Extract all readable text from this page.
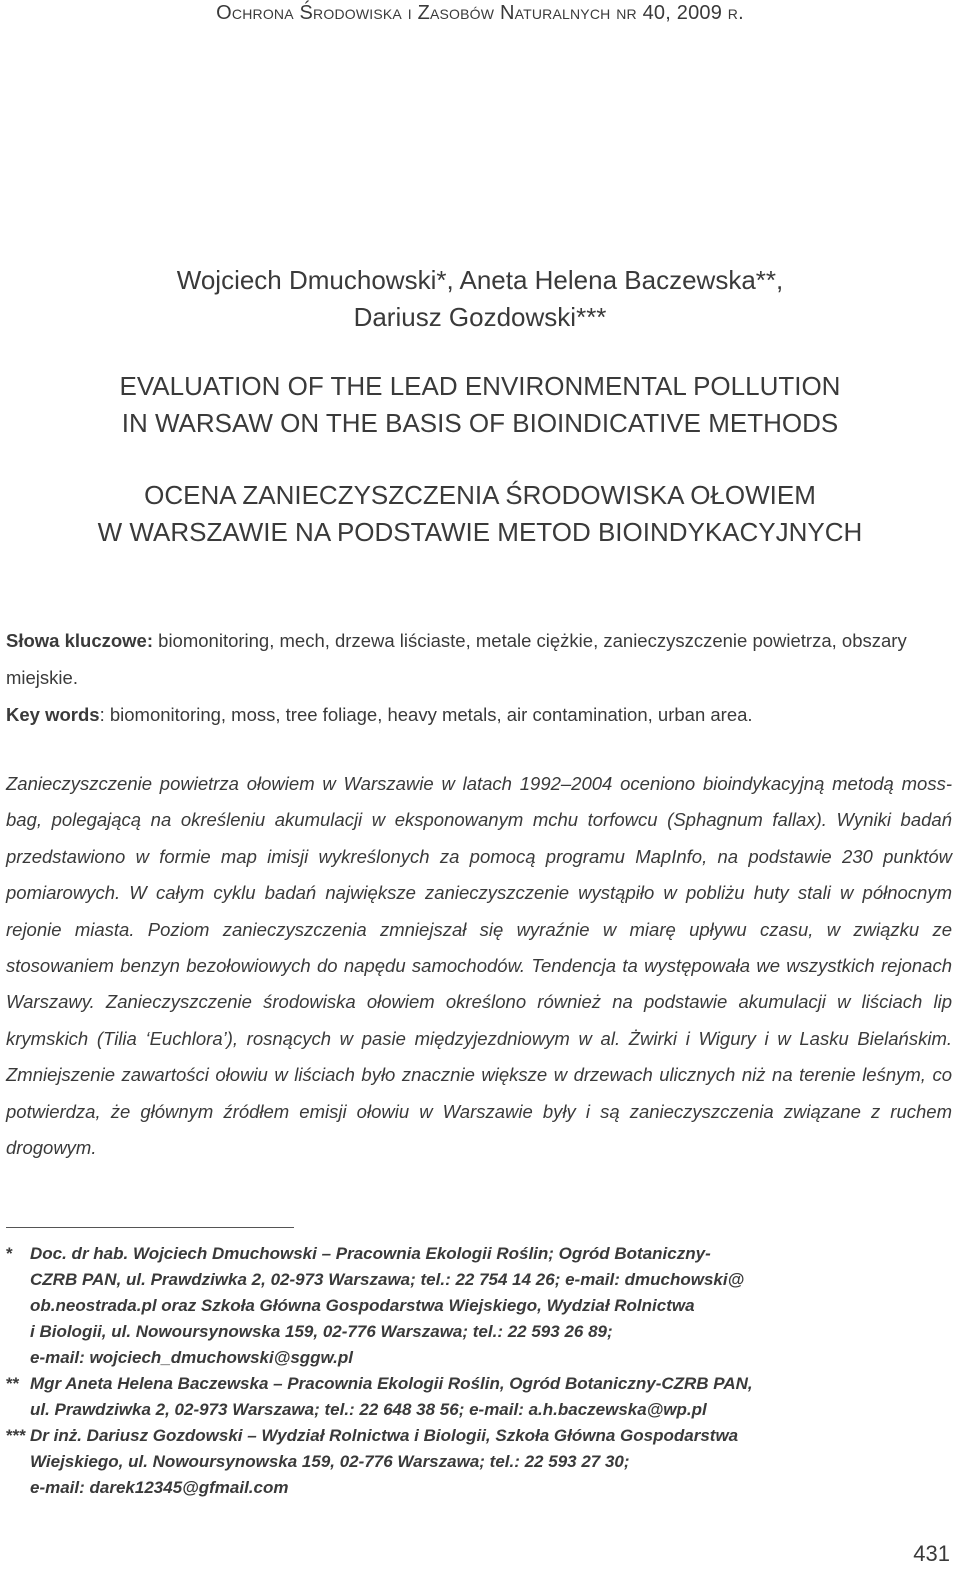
Ochrona Środowiska i Zasobów Naturalnych nr 40, 2009 r.
Wojciech Dmuchowski*, Aneta Helena Baczewska**,
Dariusz Gozdowski***
EVALUATION OF THE LEAD ENVIRONMENTAL POLLUTION
IN WARSAW ON THE BASIS OF BIOINDICATIVE METHODS
OCENA ZANIECZYSZCZENIA ŚRODOWISKA OŁOWIEM
W WARSZAWIE NA PODSTAWIE METOD BIOINDYKACYJNYCH
Słowa kluczowe: biomonitoring, mech, drzewa liściaste, metale ciężkie, zanieczyszczenie powietrza, obszary miejskie.
Key words: biomonitoring, moss, tree foliage, heavy metals, air contamination, urban area.
Zanieczyszczenie powietrza ołowiem w Warszawie w latach 1992–2004 oceniono bioindykacyjną metodą moss-bag, polegającą na określeniu akumulacji w eksponowanym mchu torfowcu (Sphagnum fallax). Wyniki badań przedstawiono w formie map imisji wykreślonych za pomocą programu MapInfo, na podstawie 230 punktów pomiarowych. W całym cyklu badań największe zanieczyszczenie wystąpiło w pobliżu huty stali w północnym rejonie miasta. Poziom zanieczyszczenia zmniejszał się wyraźnie w miarę upływu czasu, w związku ze stosowaniem benzyn bezołowiowych do napędu samochodów. Tendencja ta występowała we wszystkich rejonach Warszawy. Zanieczyszczenie środowiska ołowiem określono również na podstawie akumulacji w liściach lip krymskich (Tilia ‘Euchlora’), rosnących w pasie międzyjezdniowym w al. Żwirki i Wigury i w Lasku Bielańskim. Zmniejszenie zawartości ołowiu w liściach było znacznie większe w drzewach ulicznych niż na terenie leśnym, co potwierdza, że głównym źródłem emisji ołowiu w Warszawie były i są zanieczyszczenia związane z ruchem drogowym.
*	Doc. dr hab. Wojciech Dmuchowski – Pracownia Ekologii Roślin; Ogród Botaniczny-
CZRB PAN, ul. Prawdziwka 2, 02-973 Warszawa; tel.: 22 754 14 26; e-mail: dmuchowski@
ob.neostrada.pl oraz Szkoła Główna Gospodarstwa Wiejskiego, Wydział Rolnictwa
i Biologii, ul. Nowoursynowska 159, 02-776 Warszawa; tel.: 22 593 26 89;
e-mail: wojciech_dmuchowski@sggw.pl
** Mgr Aneta Helena Baczewska – Pracownia Ekologii Roślin, Ogród Botaniczny-CZRB PAN,
ul. Prawdziwka 2, 02-973 Warszawa; tel.: 22 648 38 56; e-mail: a.h.baczewska@wp.pl
*** Dr inż. Dariusz Gozdowski – Wydział Rolnictwa i Biologii, Szkoła Główna Gospodarstwa
Wiejskiego, ul. Nowoursynowska 159, 02-776 Warszawa; tel.: 22 593 27 30;
e-mail: darek12345@gfmail.com
431
